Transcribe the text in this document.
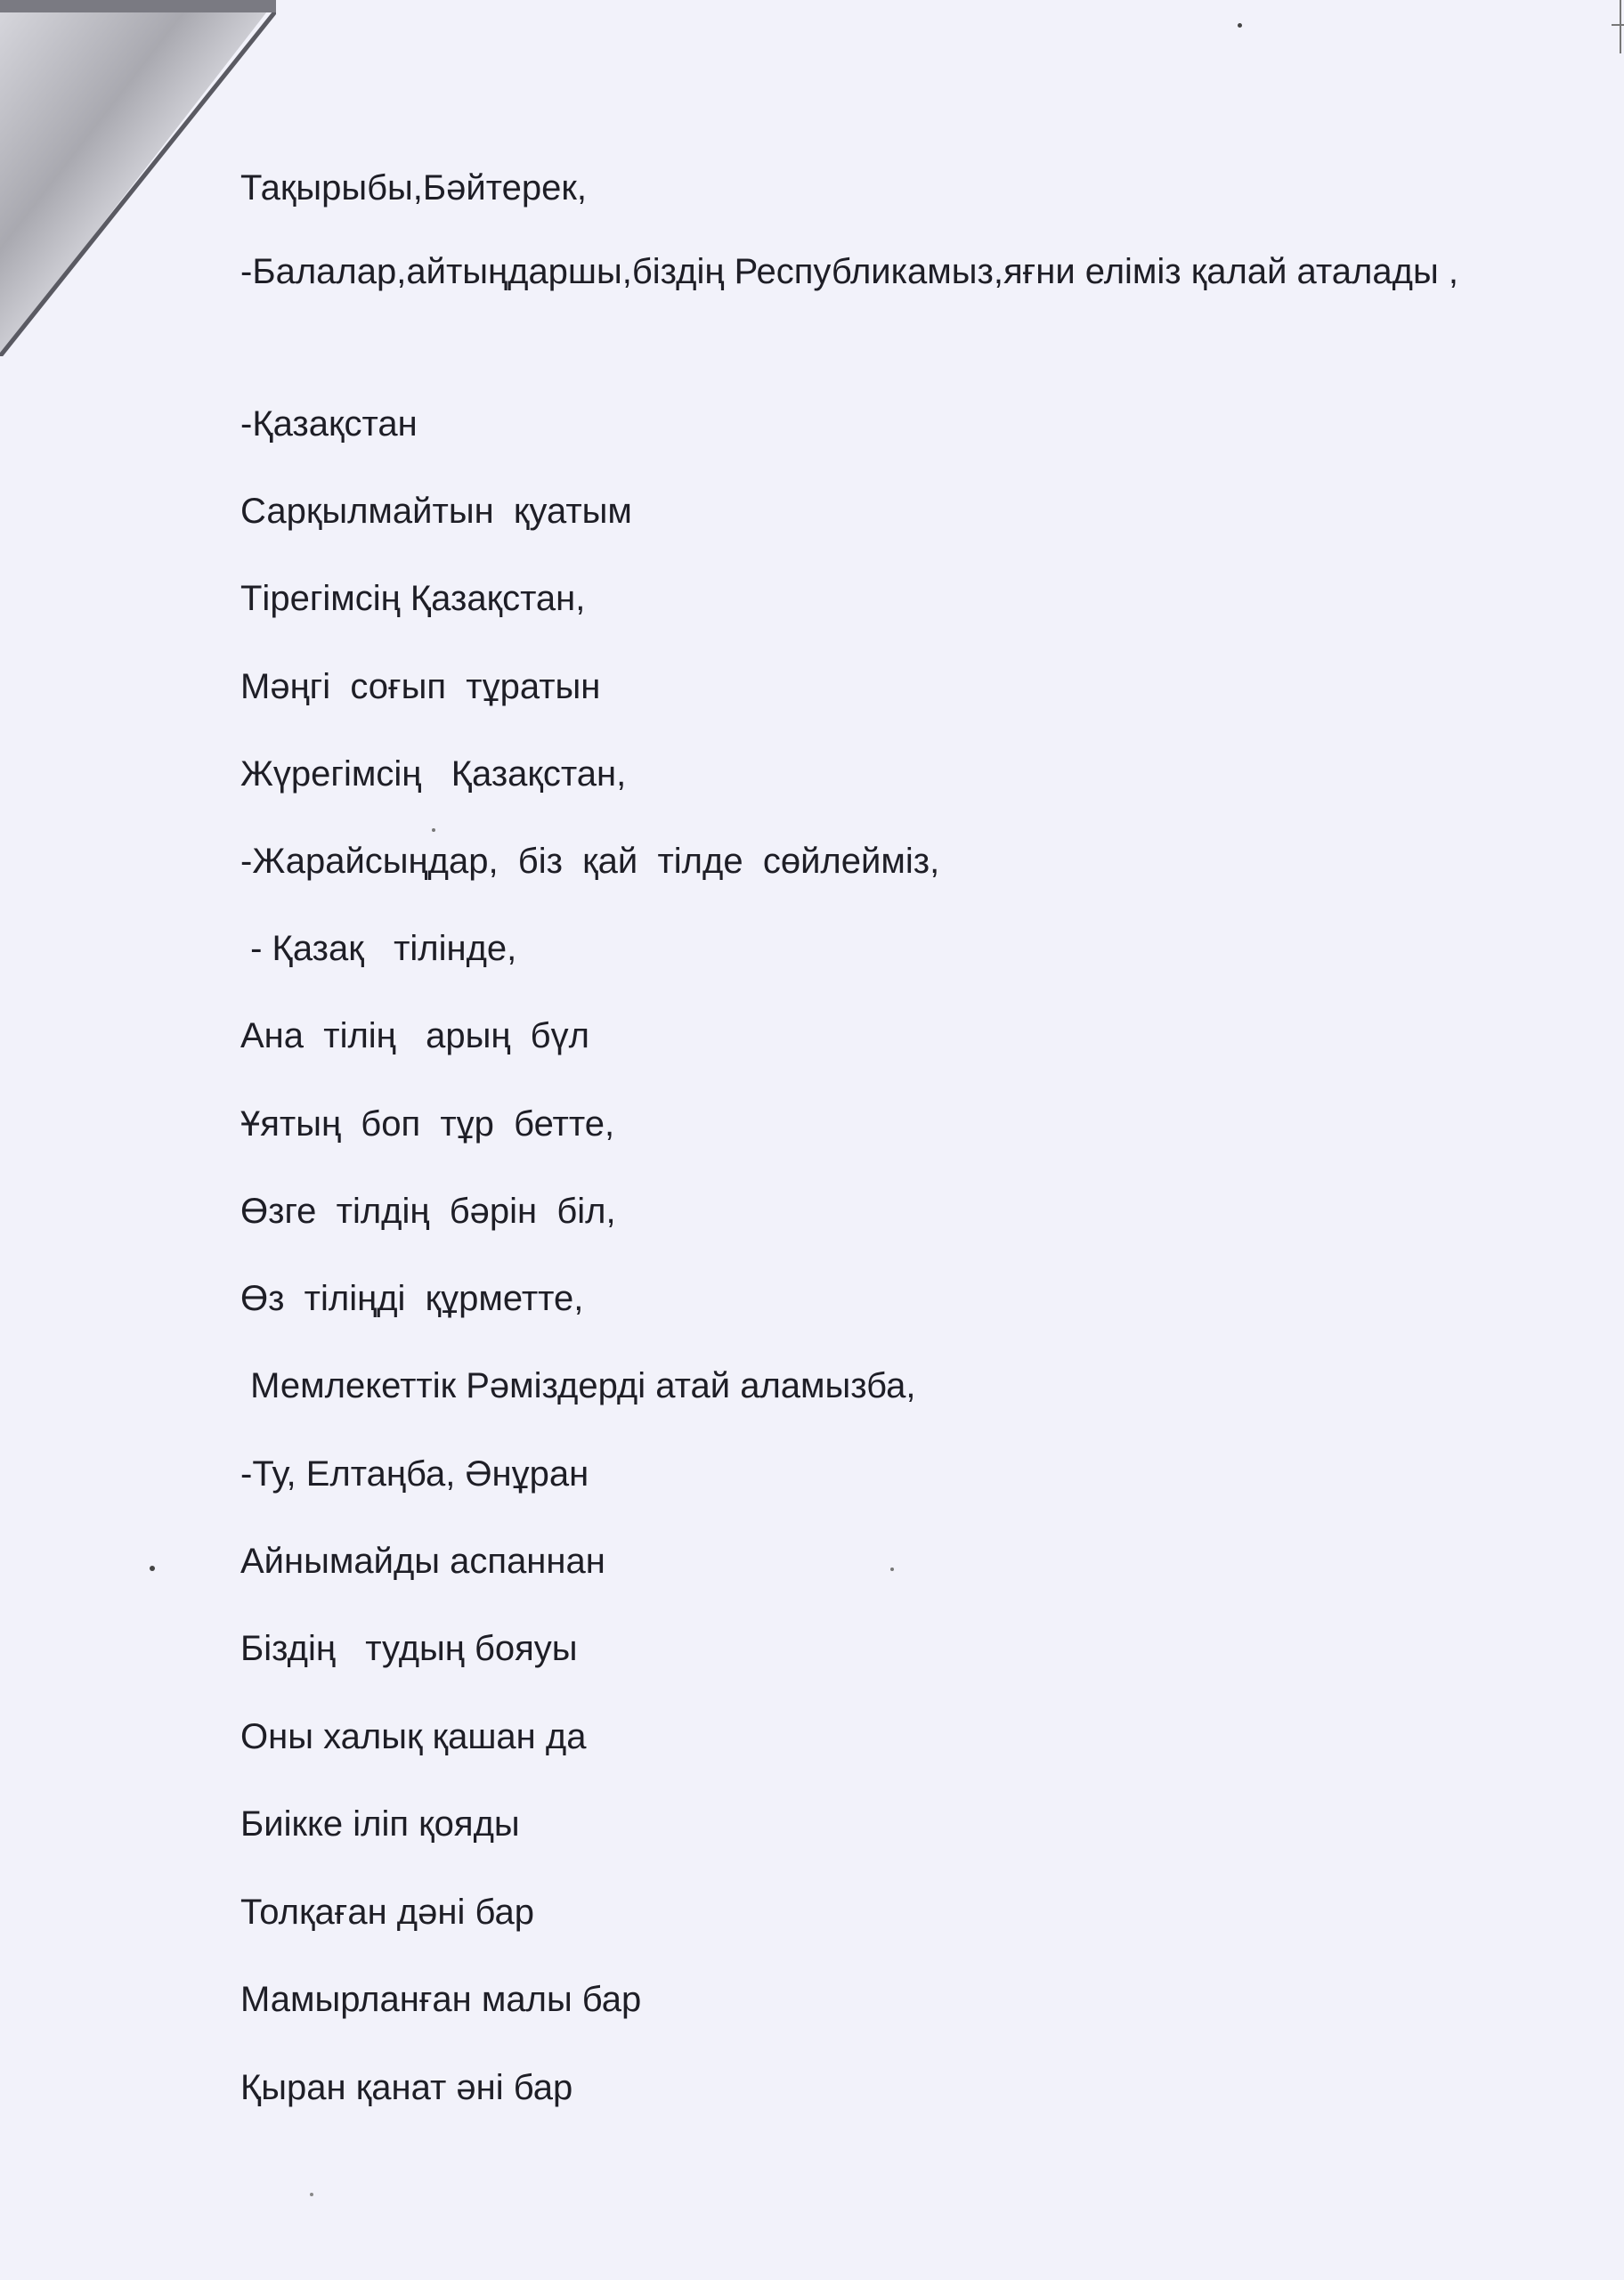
Тақырыбы,Бәйтерек,
-Балалар,айтыңдаршы,біздің Республикамыз,яғни еліміз қалай аталады ,
-Қазақстан
Сарқылмайтын  қуатым
Тірегімсің Қазақстан,
Мәңгі  соғып  тұратын
Жүрегімсің   Қазақстан,
-Жарайсыңдар,  біз  қай  тілде  сөйлейміз,
- Қазақ   тілінде,
Ана  тілің   арың  бүл
Ұятың  боп  тұр  бетте,
Өзге  тілдің  бәрін  біл,
Өз  тіліңді  құрметте,
Мемлекеттік Рәміздерді атай аламызба,
-Ту, Елтаңба, Әнұран
Айнымайды аспаннан
Біздің   тудың бояуы
Оны халық қашан да
Биікке іліп қояды
Толқаған дәні бар
Мамырланған малы бар
Қыран қанат әні бар
